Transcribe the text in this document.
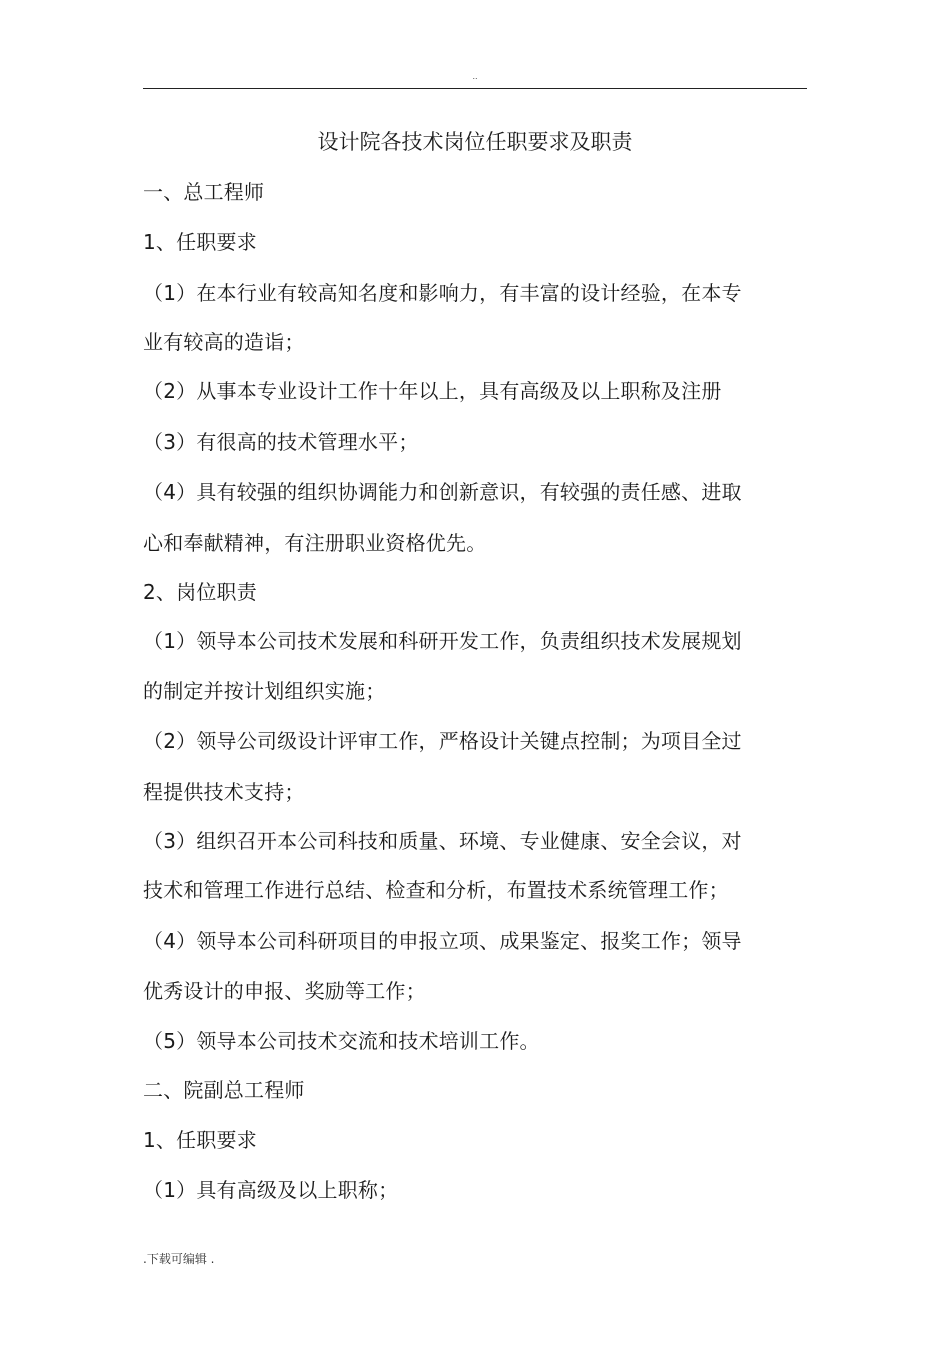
..
设计院各技术岗位任职要求及职责
一、总工程师
1、任职要求
（1）在本行业有较高知名度和影响力，有丰富的设计经验，在本专
业有较高的造诣；
（2）从事本专业设计工作十年以上，具有高级及以上职称及注册
（3）有很高的技术管理水平；
（4）具有较强的组织协调能力和创新意识，有较强的责任感、进取
心和奉献精神，有注册职业资格优先。
2、岗位职责
（1）领导本公司技术发展和科研开发工作，负责组织技术发展规划
的制定并按计划组织实施；
（2）领导公司级设计评审工作，严格设计关键点控制；为项目全过
程提供技术支持；
（3）组织召开本公司科技和质量、环境、专业健康、安全会议，对
技术和管理工作进行总结、检查和分析，布置技术系统管理工作；
（4）领导本公司科研项目的申报立项、成果鉴定、报奖工作；领导
优秀设计的申报、奖励等工作；
（5）领导本公司技术交流和技术培训工作。
二、院副总工程师
1、任职要求
（1）具有高级及以上职称；
.下载可编辑 .
